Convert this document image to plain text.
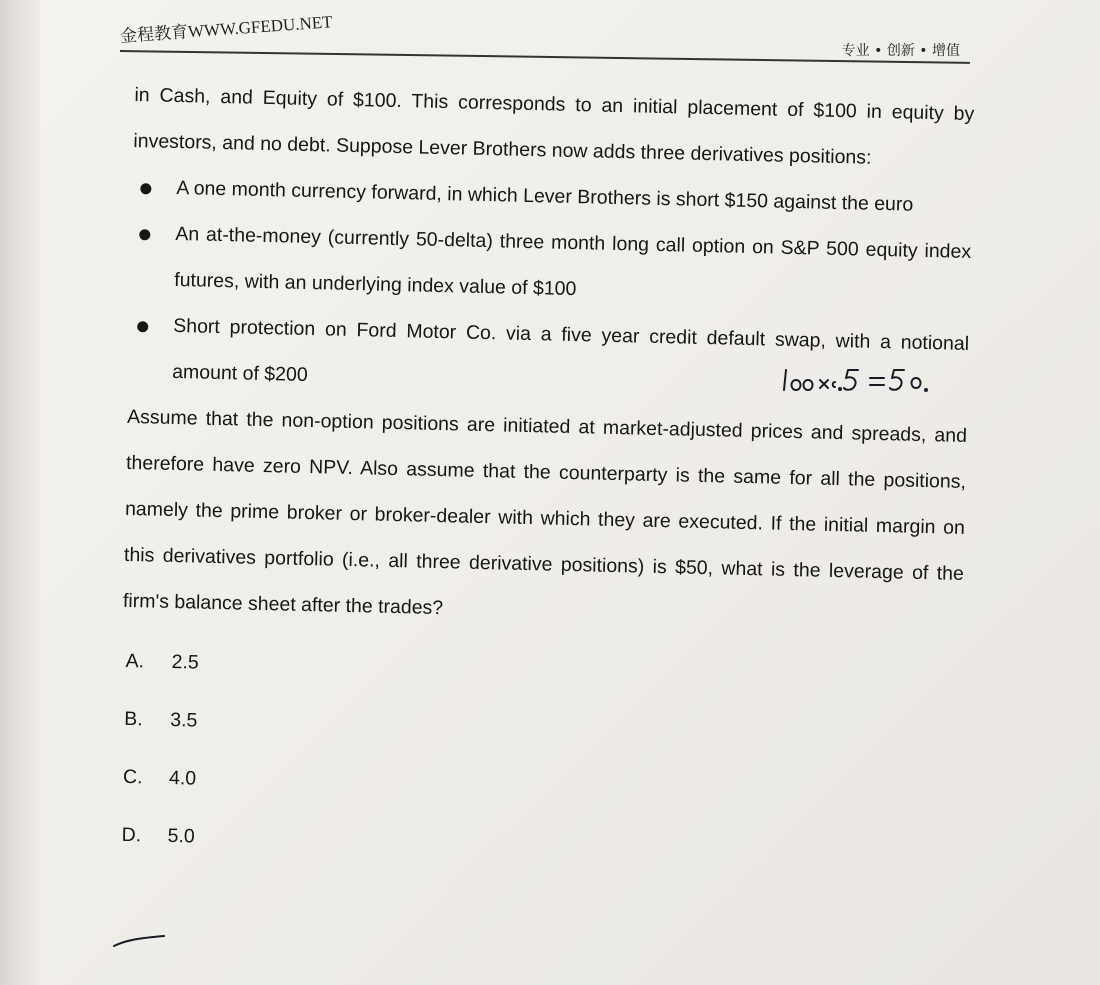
金程教育WWW.GFEDU.NET
专业 • 创新 • 增值

in Cash, and Equity of $100. This corresponds to an initial placement of $100 in equity by investors, and no debt. Suppose Lever Brothers now adds three derivatives positions:

A one month currency forward, in which Lever Brothers is short $150 against the euro
An at-the-money (currently 50-delta) three month long call option on S&P 500 equity index futures, with an underlying index value of $100
Short protection on Ford Motor Co. via a five year credit default swap, with a notional amount of $200

Assume that the non-option positions are initiated at market-adjusted prices and spreads, and therefore have zero NPV. Also assume that the counterparty is the same for all the positions, namely the prime broker or broker-dealer with which they are executed. If the initial margin on this derivatives portfolio (i.e., all three derivative positions) is $50, what is the leverage of the firm's balance sheet after the trades?

A. 2.5
B. 3.5
C. 4.0
D. 5.0
